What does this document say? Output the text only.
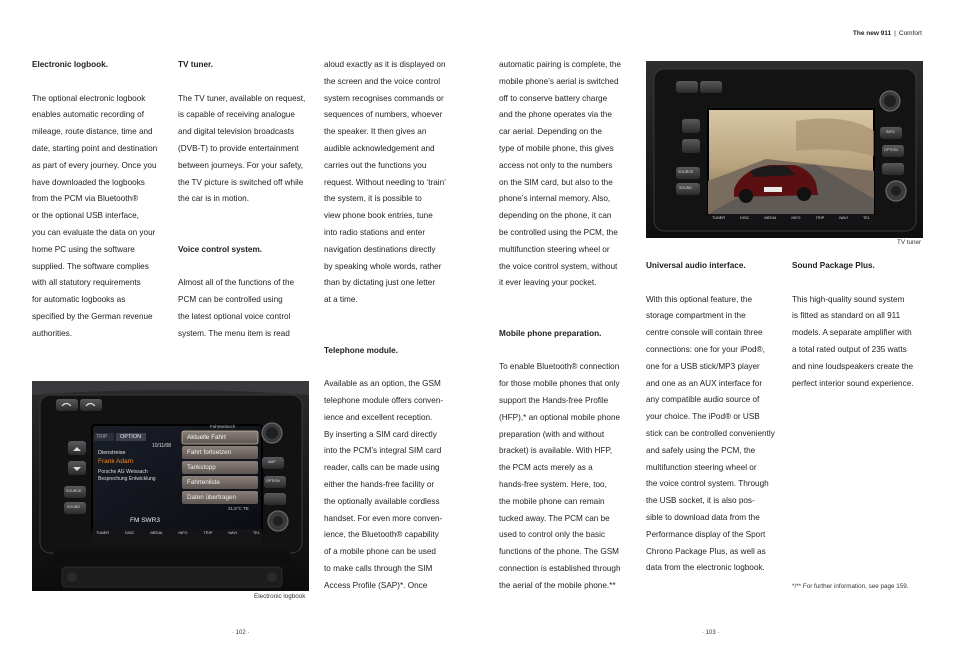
The new 911 | Comfort
Electronic logbook.

The optional electronic logbook
enables automatic recording of
mileage, route distance, time and
date, starting point and destination
as part of every journey. Once you
have downloaded the logbooks
from the PCM via Bluetooth®
or the optional USB interface,
you can evaluate the data on your
home PC using the software
supplied. The software complies
with all statutory requirements
for automatic logbooks as
specified by the German revenue
authorities.

TV tuner.

The TV tuner, available on request,
is capable of receiving analogue
and digital television broadcasts
(DVB-T) to provide entertainment
between journeys. For your safety,
the TV picture is switched off while
the car is in motion.

Voice control system.

Almost all of the functions of the
PCM can be controlled using
the latest optional voice control
system. The menu item is read

aloud exactly as it is displayed on
the screen and the voice control
system recognises commands or
sequences of numbers, whoever
the speaker. It then gives an
audible acknowledgement and
carries out the functions you
request. Without needing to ‘train’
the system, it is possible to
view phone book entries, tune
into radio stations and enter
navigation destinations directly
by speaking whole words, rather
than by dictating just one letter
at a time.

Telephone module.

Available as an option, the GSM
telephone module offers conven-
ience and excellent reception.
By inserting a SIM card directly
into the PCM’s integral SIM card
reader, calls can be made using
either the hands-free facility or
the optionally available cordless
handset. For even more conven-
ience, the Bluetooth® capability
of a mobile phone can be used
to make calls through the SIM
Access Profile (SAP)*. Once

automatic pairing is complete, the
mobile phone’s aerial is switched
off to conserve battery charge
and the phone operates via the
car aerial. Depending on the
type of mobile phone, this gives
access not only to the numbers
on the SIM card, but also to the
phone’s internal memory. Also,
depending on the phone, it can
be controlled using the PCM, the
multifunction steering wheel or
the voice control system, without
it ever leaving your pocket.

Mobile phone preparation.

To enable Bluetooth® connection
for those mobile phones that only
support the Hands-free Profile
(HFP),* an optional mobile phone
preparation (with and without
bracket) is available. With HFP,
the PCM acts merely as a
hands-free system. Here, too,
the mobile phone can remain
tucked away. The PCM can be
used to control only the basic
functions of the phone. The GSM
connection is established through
the aerial of the mobile phone.**

Universal audio interface.

With this optional feature, the
storage compartment in the
centre console will contain three
connections: one for your iPod®,
one for a USB stick/MP3 player
and one as an AUX interface for
any compatible audio source of
your choice. The iPod® or USB
stick can be controlled conveniently
and safely using the PCM, the
multifunction steering wheel or
the voice control system. Through
the USB socket, it is also pos-
sible to download data from the
Performance display of the Sport
Chrono Package Plus, as well as
data from the electronic logbook.

Sound Package Plus.

This high-quality sound system
is fitted as standard on all 911
models. A separate amplifier with
a total rated output of 235 watts
and nine loudspeakers create the
perfect interior sound experience.

*/** For further information, see page 159.
TRIP OPTION
Fahrtenbuch
10/11/08
Dienstreise
Frank Adam
Porsche AG Weissach
Besprechung Entwicklung
Aktuelle Fahrt
Fahrt fortsetzen
Tankstopp
Fahrtenliste
Daten übertragen
21,5°C TE
FM SWR3
TUNER	DISC	MEDIA	INFO	TRIP	NAVI	TEL
SOURCE
SOUND
MAP
OPTION
Electronic logbook
TUNER	DISC	MEDIA	INFO	TRIP	NAVI	TEL
SOURCE
SOUND
INFO
OPTION
TV tuner
· 102 ·	· 103 ·
